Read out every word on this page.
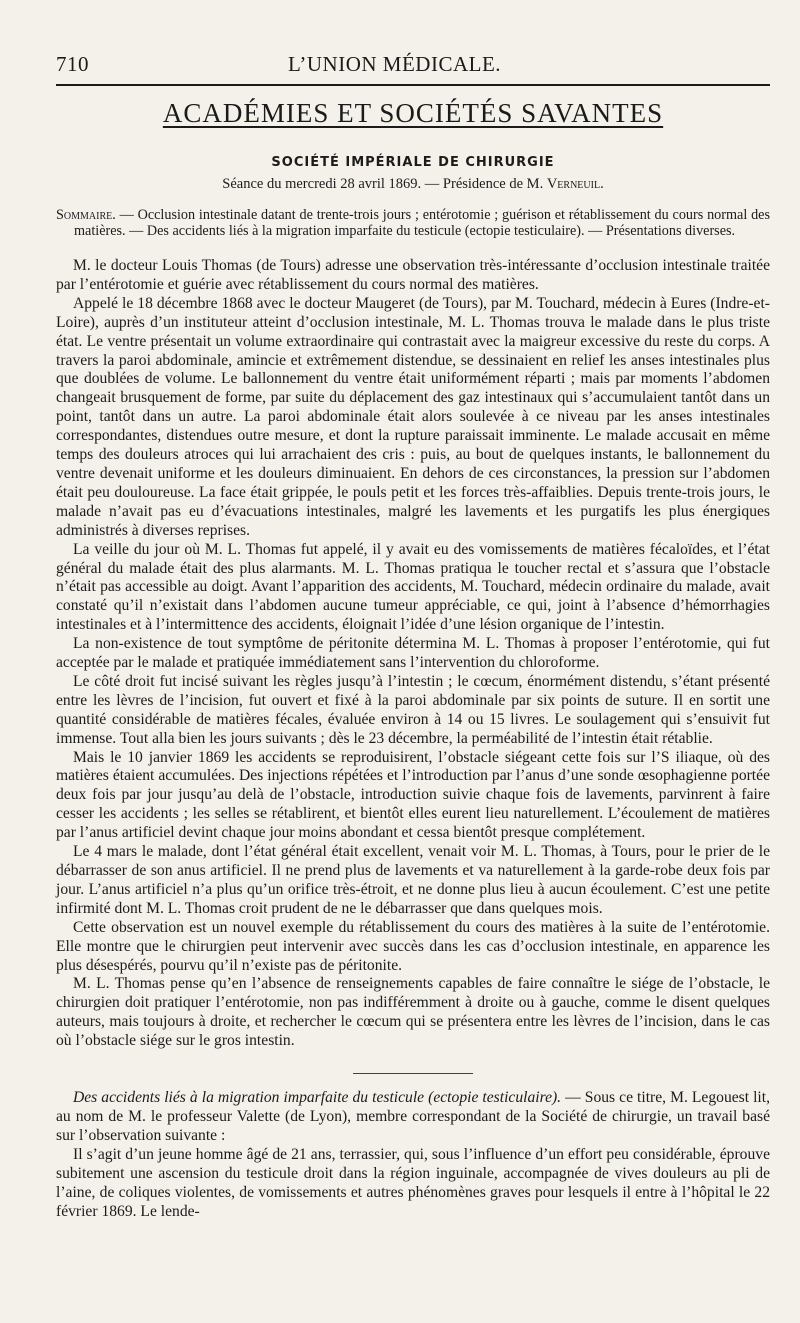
710	L’UNION MÉDICALE.
ACADÉMIES ET SOCIÉTÉS SAVANTES
SOCIÉTÉ IMPÉRIALE DE CHIRURGIE
Séance du mercredi 28 avril 1869. — Présidence de M. Verneuil.
Sommaire. — Occlusion intestinale datant de trente-trois jours ; entérotomie ; guérison et rétablissement du cours normal des matières. — Des accidents liés à la migration imparfaite du testicule (ectopie testiculaire). — Présentations diverses.

M. le docteur Louis Thomas (de Tours) adresse une observation très-intéressante d’occlusion intestinale traitée par l’entérotomie et guérie avec rétablissement du cours normal des matières.

Appelé le 18 décembre 1868 avec le docteur Maugeret (de Tours), par M. Touchard, médecin à Eures (Indre-et-Loire), auprès d’un instituteur atteint d’occlusion intestinale, M. L. Thomas trouva le malade dans le plus triste état. Le ventre présentait un volume extraordinaire qui contrastait avec la maigreur excessive du reste du corps. A travers la paroi abdominale, amincie et extrêmement distendue, se dessinaient en relief les anses intestinales plus que doublées de volume. Le ballonnement du ventre était uniformément réparti ; mais par moments l’abdomen changeait brusquement de forme, par suite du déplacement des gaz intestinaux qui s’accumulaient tantôt dans un point, tantôt dans un autre. La paroi abdominale était alors soulevée à ce niveau par les anses intestinales correspondantes, distendues outre mesure, et dont la rupture paraissait imminente. Le malade accusait en même temps des douleurs atroces qui lui arrachaient des cris : puis, au bout de quelques instants, le ballonnement du ventre devenait uniforme et les douleurs diminuaient. En dehors de ces circonstances, la pression sur l’abdomen était peu douloureuse. La face était grippée, le pouls petit et les forces très-affaiblies. Depuis trente-trois jours, le malade n’avait pas eu d’évacuations intestinales, malgré les lavements et les purgatifs les plus énergiques administrés à diverses reprises.

La veille du jour où M. L. Thomas fut appelé, il y avait eu des vomissements de matières fécaloïdes, et l’état général du malade était des plus alarmants. M. L. Thomas pratiqua le toucher rectal et s’assura que l’obstacle n’était pas accessible au doigt. Avant l’apparition des accidents, M. Touchard, médecin ordinaire du malade, avait constaté qu’il n’existait dans l’abdomen aucune tumeur appréciable, ce qui, joint à l’absence d’hémorrhagies intestinales et à l’intermittence des accidents, éloignait l’idée d’une lésion organique de l’intestin.

La non-existence de tout symptôme de péritonite détermina M. L. Thomas à proposer l’entérotomie, qui fut acceptée par le malade et pratiquée immédiatement sans l’intervention du chloroforme.

Le côté droit fut incisé suivant les règles jusqu’à l’intestin ; le cœcum, énormément distendu, s’étant présenté entre les lèvres de l’incision, fut ouvert et fixé à la paroi abdominale par six points de suture. Il en sortit une quantité considérable de matières fécales, évaluée environ à 14 ou 15 livres. Le soulagement qui s’ensuivit fut immense. Tout alla bien les jours suivants ; dès le 23 décembre, la perméabilité de l’intestin était rétablie.

Mais le 10 janvier 1869 les accidents se reproduisirent, l’obstacle siégeant cette fois sur l’S iliaque, où des matières étaient accumulées. Des injections répétées et l’introduction par l’anus d’une sonde œsophagienne portée deux fois par jour jusqu’au delà de l’obstacle, introduction suivie chaque fois de lavements, parvinrent à faire cesser les accidents ; les selles se rétablirent, et bientôt elles eurent lieu naturellement. L’écoulement de matières par l’anus artificiel devint chaque jour moins abondant et cessa bientôt presque complétement.

Le 4 mars le malade, dont l’état général était excellent, venait voir M. L. Thomas, à Tours, pour le prier de le débarrasser de son anus artificiel. Il ne prend plus de lavements et va naturellement à la garde-robe deux fois par jour. L’anus artificiel n’a plus qu’un orifice très-étroit, et ne donne plus lieu à aucun écoulement. C’est une petite infirmité dont M. L. Thomas croit prudent de ne le débarrasser que dans quelques mois.

Cette observation est un nouvel exemple du rétablissement du cours des matières à la suite de l’entérotomie. Elle montre que le chirurgien peut intervenir avec succès dans les cas d’occlusion intestinale, en apparence les plus désespérés, pourvu qu’il n’existe pas de péritonite.

M. L. Thomas pense qu’en l’absence de renseignements capables de faire connaître le siége de l’obstacle, le chirurgien doit pratiquer l’entérotomie, non pas indifféremment à droite ou à gauche, comme le disent quelques auteurs, mais toujours à droite, et rechercher le cœcum qui se présentera entre les lèvres de l’incision, dans le cas où l’obstacle siége sur le gros intestin.

Des accidents liés à la migration imparfaite du testicule (ectopie testiculaire). — Sous ce titre, M. Legouest lit, au nom de M. le professeur Valette (de Lyon), membre correspondant de la Société de chirurgie, un travail basé sur l’observation suivante :

Il s’agit d’un jeune homme âgé de 21 ans, terrassier, qui, sous l’influence d’un effort peu considérable, éprouve subitement une ascension du testicule droit dans la région inguinale, accompagnée de vives douleurs au pli de l’aine, de coliques violentes, de vomissements et autres phénomènes graves pour lesquels il entre à l’hôpital le 22 février 1869. Le lende-
